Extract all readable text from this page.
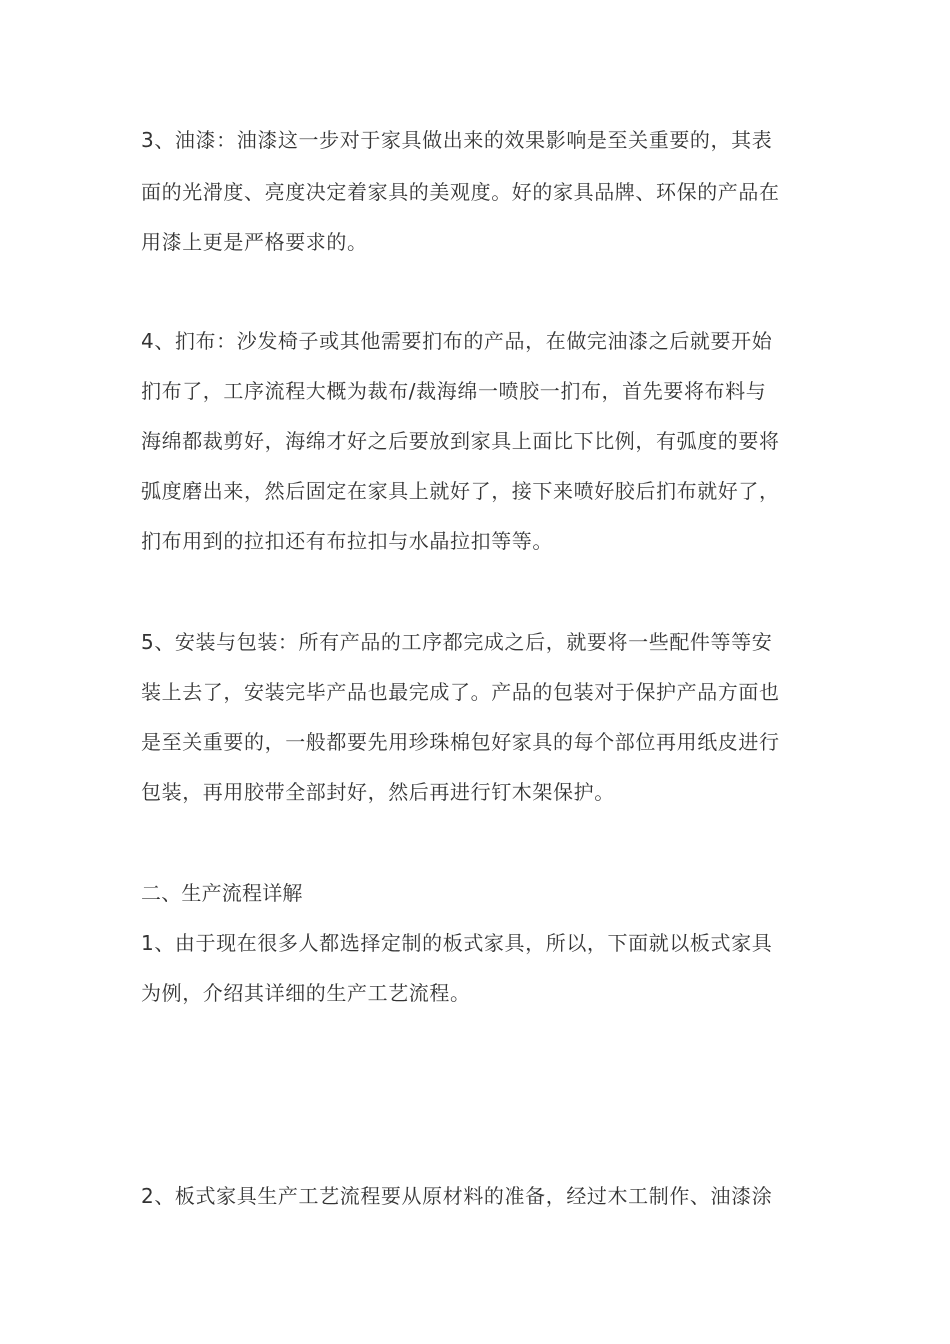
3、油漆：油漆这一步对于家具做出来的效果影响是至关重要的，其表
面的光滑度、亮度决定着家具的美观度。好的家具品牌、环保的产品在
用漆上更是严格要求的。
4、扪布：沙发椅子或其他需要扪布的产品，在做完油漆之后就要开始
扪布了，工序流程大概为裁布/裁海绵一喷胶一扪布，首先要将布料与
海绵都裁剪好，海绵才好之后要放到家具上面比下比例，有弧度的要将
弧度磨出来，然后固定在家具上就好了，接下来喷好胶后扪布就好了，
扪布用到的拉扣还有布拉扣与水晶拉扣等等。
5、安装与包装：所有产品的工序都完成之后，就要将一些配件等等安
装上去了，安装完毕产品也最完成了。产品的包装对于保护产品方面也
是至关重要的，一般都要先用珍珠棉包好家具的每个部位再用纸皮进行
包装，再用胶带全部封好，然后再进行钉木架保护。
二、生产流程详解
1、由于现在很多人都选择定制的板式家具，所以，下面就以板式家具
为例，介绍其详细的生产工艺流程。
2、板式家具生产工艺流程要从原材料的准备，经过木工制作、油漆涂
